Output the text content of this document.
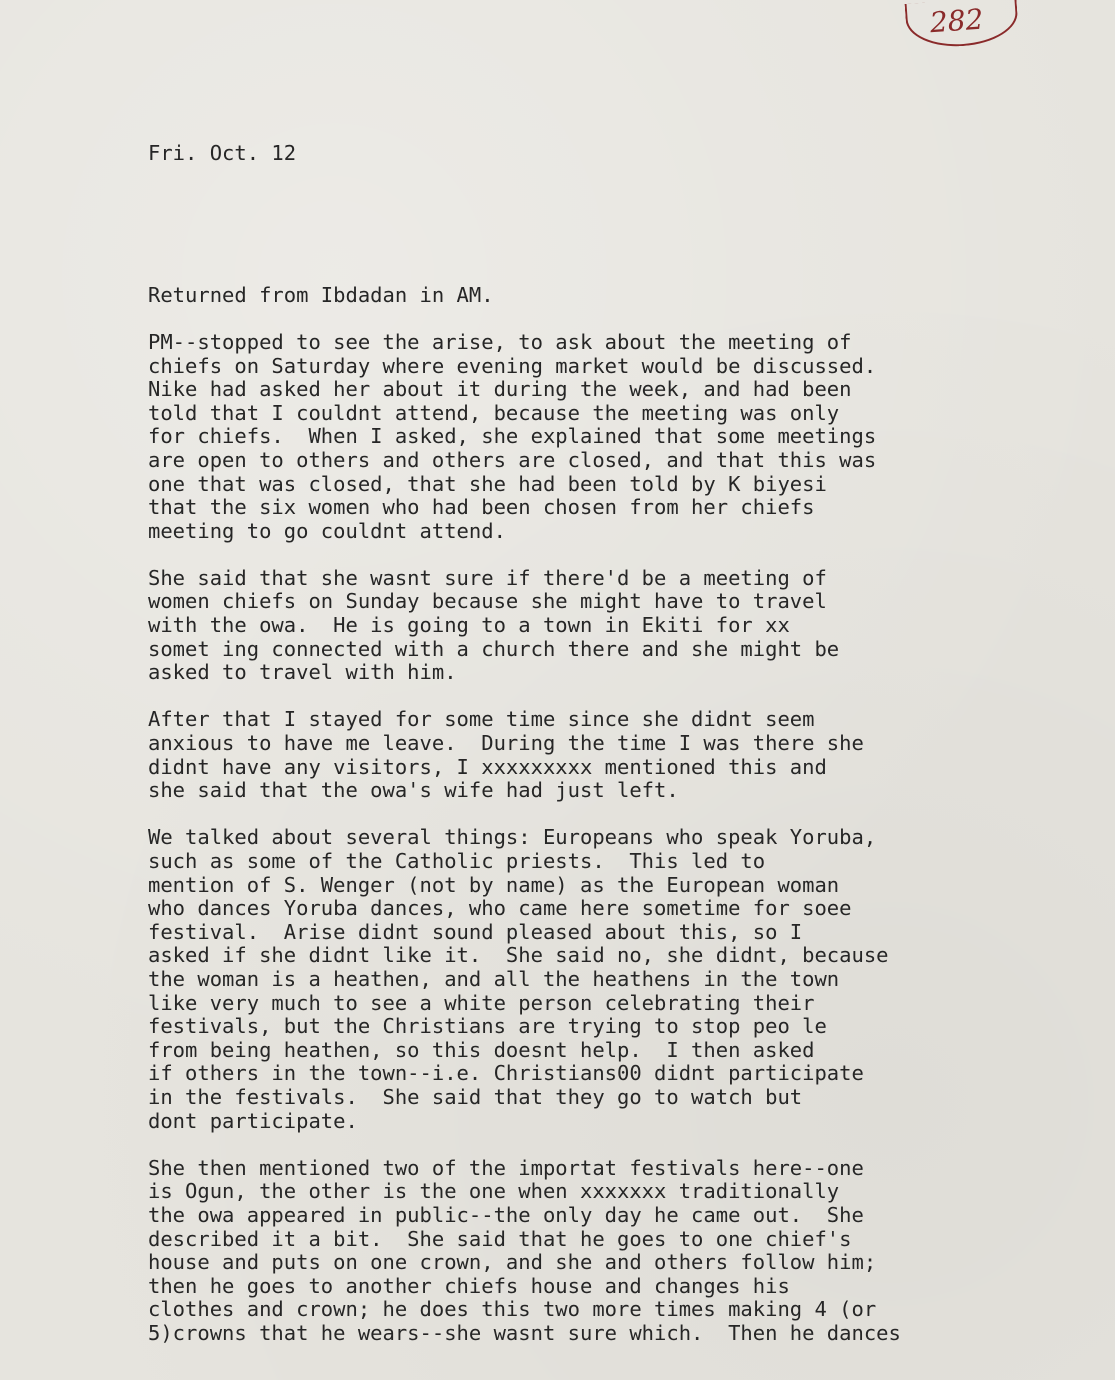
282

Fri. Oct. 12

Returned from Ibdadan in AM.
PM--stopped to see the arise, to ask about the meeting of
chiefs on Saturday where evening market would be discussed.
Nike had asked her about it during the week, and had been
told that I couldnt attend, because the meeting was only
for chiefs.  When I asked, she explained that some meetings
are open to others and others are closed, and that this was
one that was closed, that she had been told by K biyesi
that the six women who had been chosen from her chiefs
meeting to go couldnt attend.
She said that she wasnt sure if there'd be a meeting of
women chiefs on Sunday because she might have to travel
with the owa.  He is going to a town in Ekiti for xx
somet ing connected with a church there and she might be
asked to travel with him.
After that I stayed for some time since she didnt seem
anxious to have me leave.  During the time I was there she
didnt have any visitors, I xxxxxxxxx mentioned this and
she said that the owa's wife had just left.
We talked about several things: Europeans who speak Yoruba,
such as some of the Catholic priests.  This led to
mention of S. Wenger (not by name) as the European woman
who dances Yoruba dances, who came here sometime for soee
festival.  Arise didnt sound pleased about this, so I
asked if she didnt like it.  She said no, she didnt, because
the woman is a heathen, and all the heathens in the town
like very much to see a white person celebrating their
festivals, but the Christians are trying to stop peo le
from being heathen, so this doesnt help.  I then asked
if others in the town--i.e. Christians00 didnt participate
in the festivals.  She said that they go to watch but
dont participate.
She then mentioned two of the importat festivals here--one
is Ogun, the other is the one when xxxxxxx traditionally
the owa appeared in public--the only day he came out.  She
described it a bit.  She said that he goes to one chief's
house and puts on one crown, and she and others follow him;
then he goes to another chiefs house and changes his
clothes and crown; he does this two more times making 4 (or
5)crowns that he wears--she wasnt sure which.  Then he dances
